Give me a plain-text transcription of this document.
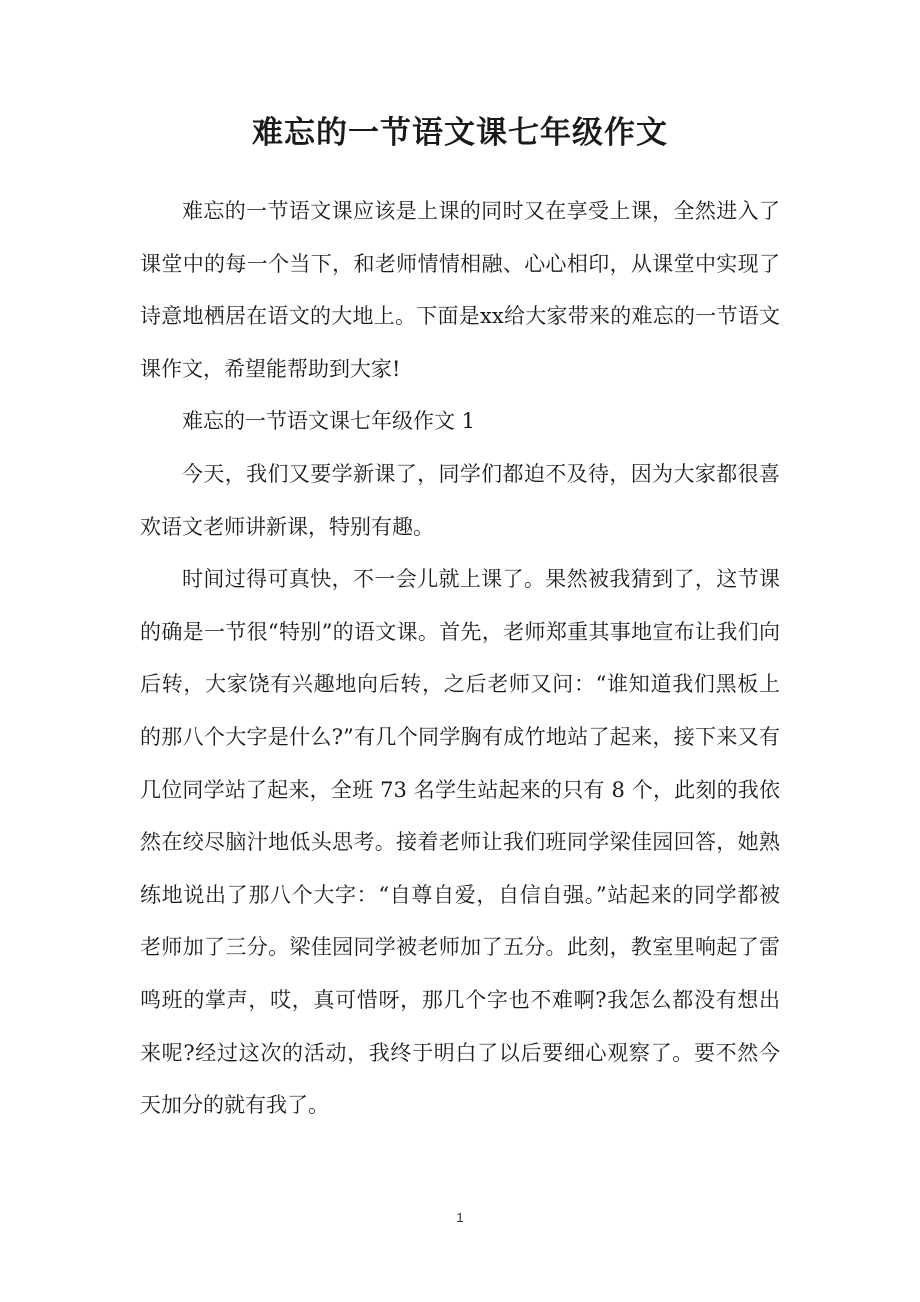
难忘的一节语文课七年级作文

难忘的一节语文课应该是上课的同时又在享受上课，全然进入了课堂中的每一个当下，和老师情情相融、心心相印，从课堂中实现了诗意地栖居在语文的大地上。下面是xx给大家带来的难忘的一节语文课作文，希望能帮助到大家!

难忘的一节语文课七年级作文 1

今天，我们又要学新课了，同学们都迫不及待，因为大家都很喜欢语文老师讲新课，特别有趣。

时间过得可真快，不一会儿就上课了。果然被我猜到了，这节课的确是一节很“特别”的语文课。首先，老师郑重其事地宣布让我们向后转，大家饶有兴趣地向后转，之后老师又问：“谁知道我们黑板上的那八个大字是什么?”有几个同学胸有成竹地站了起来，接下来又有几位同学站了起来，全班 73 名学生站起来的只有 8 个，此刻的我依然在绞尽脑汁地低头思考。接着老师让我们班同学梁佳园回答，她熟练地说出了那八个大字：“自尊自爱，自信自强。”站起来的同学都被老师加了三分。梁佳园同学被老师加了五分。此刻，教室里响起了雷鸣班的掌声，哎，真可惜呀，那几个字也不难啊?我怎么都没有想出来呢?经过这次的活动，我终于明白了以后要细心观察了。要不然今天加分的就有我了。

1
